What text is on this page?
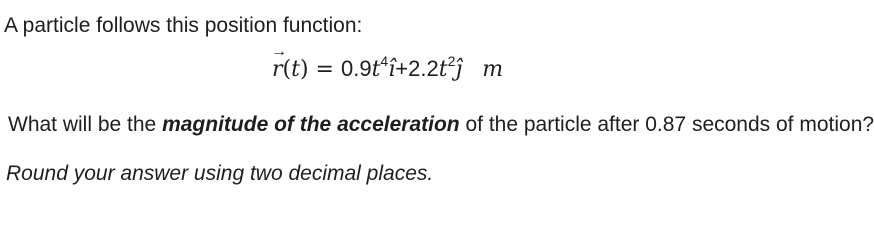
A particle follows this position function:
→
$r(t) = 0.9t^4ı̂+2.2t^2ȷ̂$ m
What will be the magnitude of the acceleration of the particle after 0.87 seconds of motion?
Round your answer using two decimal places.
